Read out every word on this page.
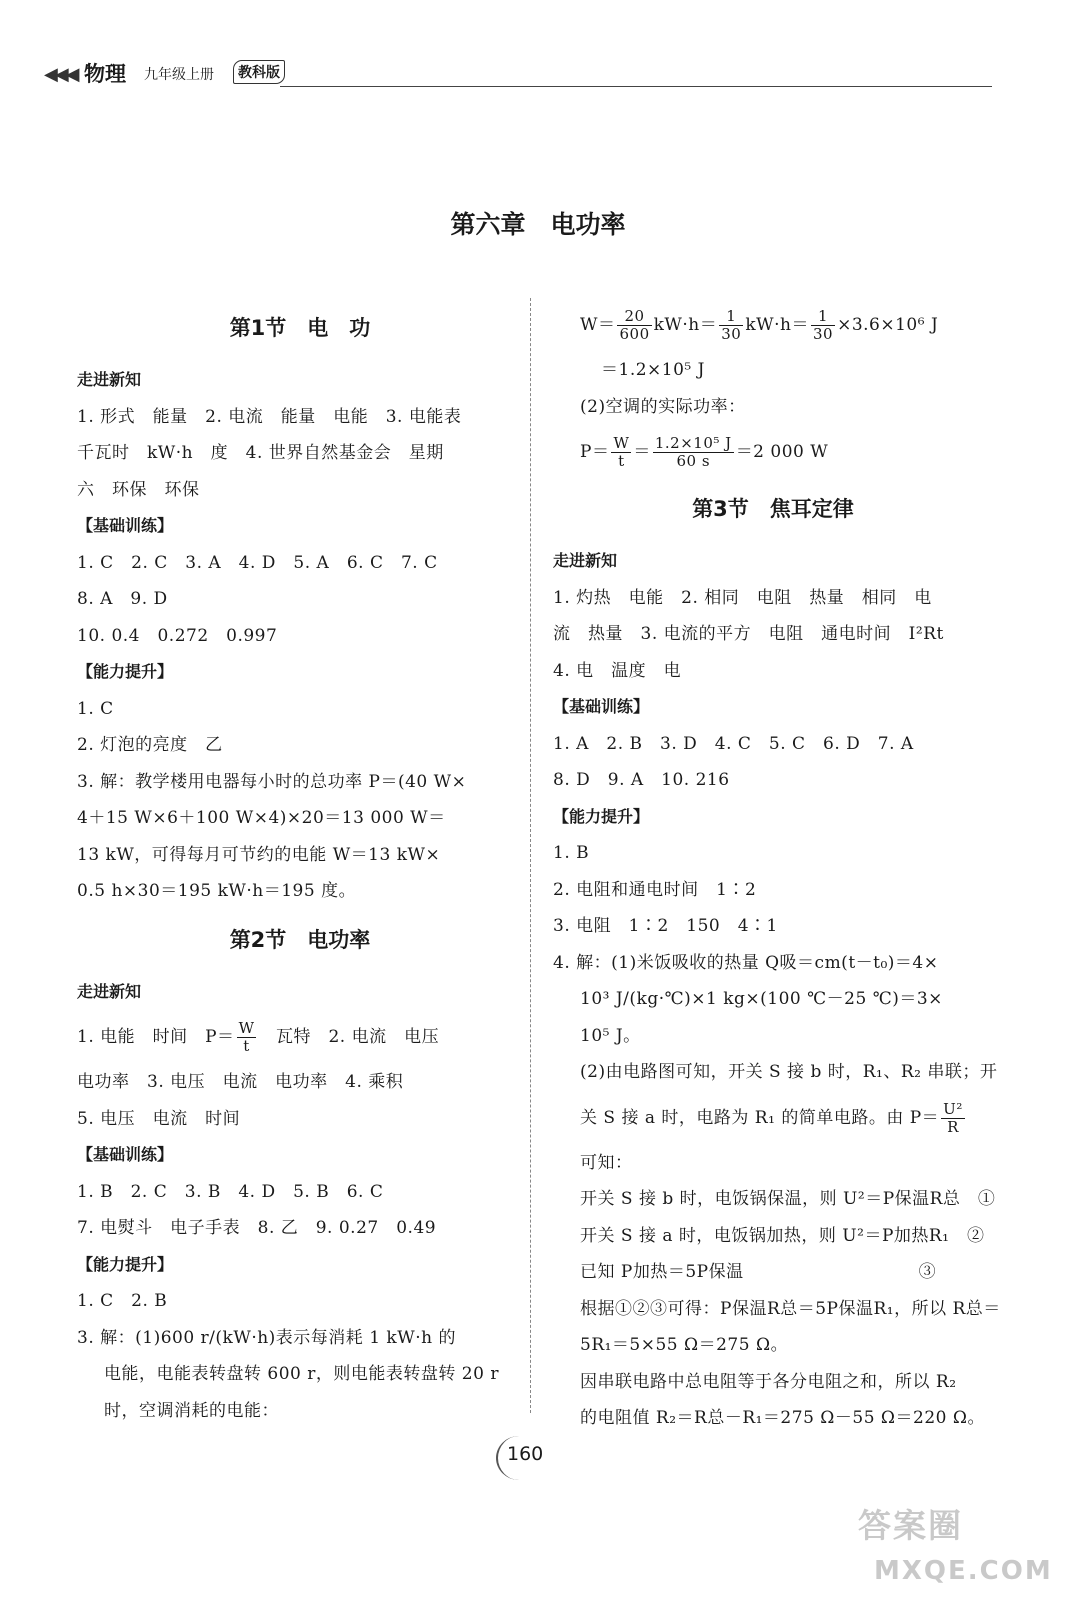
◀◀◀ 物理 九年级上册	教科版
第六章　电功率
第1节　电　功
走进新知
1. 形式　能量　2. 电流　能量　电能　3. 电能表
千瓦时　kW·h　度　4. 世界自然基金会　星期
六　环保　环保
【基础训练】
1. C　2. C　3. A　4. D　5. A　6. C　7. C
8. A　9. D
10. 0.4　0.272　0.997
【能力提升】
1. C
2. 灯泡的亮度　乙
3. 解：教学楼用电器每小时的总功率 P＝(40 W×
4＋15 W×6＋100 W×4)×20＝13 000 W＝
13 kW，可得每月可节约的电能 W＝13 kW×
0.5 h×30＝195 kW·h＝195 度。
第2节　电功率
走进新知
1. 电能　时间　$P= \frac{W}{t}$ 　瓦特　2. 电流　电压
电功率　3. 电压　电流　电功率　4. 乘积
5. 电压　电流　时间
【基础训练】
1. B　2. C　3. B　4. D　5. B　6. C
7. 电熨斗　电子手表　8. 乙　9. 0.27　0.49
【能力提升】
1. C　2. B
3. 解：(1)600 r/(kW·h)表示每消耗 1 kW·h 的
电能，电能表转盘转 600 r，则电能表转盘转 20 r
时，空调消耗的电能：
$W= \frac{20}{600} kW\cdot h= \frac{1}{30} kW\cdot h= \frac{1}{30} \times 3.6\times 10^6$ J
＝1.2×10⁵ J
(2)空调的实际功率：
$P= \frac{W}{t} = \frac{\text{1.2×10⁵ J}}{60 s} =2$ 000 W
第3节　焦耳定律
走进新知
1. 灼热　电能　2. 相同　电阻　热量　相同　电
流　热量　3. 电流的平方　电阻　通电时间　I²Rt
4. 电　温度　电
【基础训练】
1. A　2. B　3. D　4. C　5. C　6. D　7. A
8. D　9. A　10. 216
【能力提升】
1. B
2. 电阻和通电时间　1∶2
3. 电阻　1∶2　150　4∶1
4. 解：(1)米饭吸收的热量 Q吸＝cm(t－t₀)＝4×
10³ J/(kg·℃)×1 kg×(100 ℃－25 ℃)＝3×
10⁵ J。
(2)由电路图可知，开关 S 接 b 时，R₁、R₂ 串联；开
关 S 接 a 时，电路为 R₁ 的简单电路。由 $P= \frac{\text{U²}}{R}$
可知：
开关 S 接 b 时，电饭锅保温，则 U²＝P保温R总　①
开关 S 接 a 时，电饭锅加热，则 U²＝P加热R₁　②
已知 P加热＝5P保温　　　　　　　　　　③
根据①②③可得：P保温R总＝5P保温R₁，所以 R总＝
5R₁＝5×55 Ω＝275 Ω。
因串联电路中总电阻等于各分电阻之和，所以 R₂
的电阻值 R₂＝R总－R₁＝275 Ω－55 Ω＝220 Ω。
160
答案圈
MXQE.COM
